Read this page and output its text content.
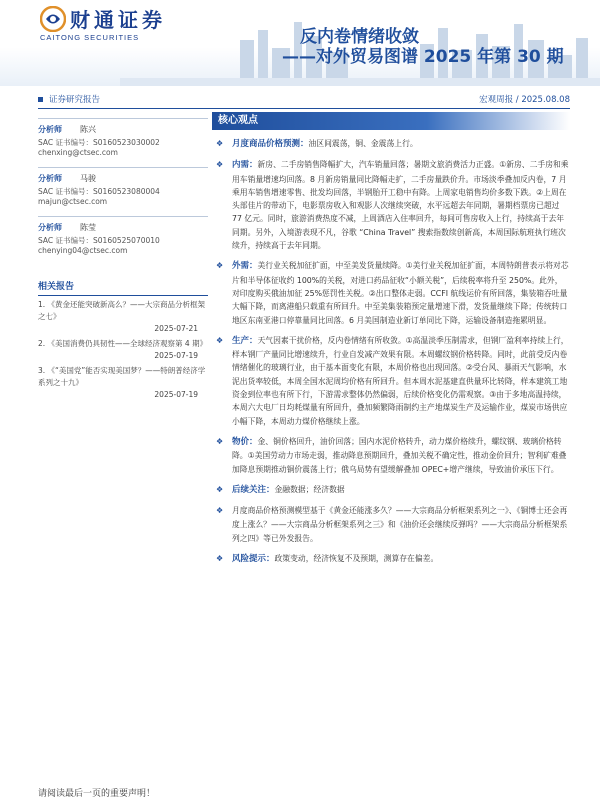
财通证券
CAITONG SECURITIES	反内卷情绪收敛
——对外贸易图谱 2025 年第 30 期
证券研究报告	宏观周报 / 2025.08.08
分析师 陈兴
SAC 证书编号：S0160523030002
chenxing@ctsec.com
分析师 马骏
SAC 证书编号：S0160523080004
majun@ctsec.com
分析师 陈莹
SAC 证书编号：S0160525070010
chenying04@ctsec.com
相关报告
1. 《黄金还能突破新高么？——大宗商品分析框架之七》
2025-07-21
2. 《美国消费仍具韧性——全球经济观察第 4 期》
2025-07-19
3. 《“美国党”能否实现美国梦？——特朗普经济学系列之十九》
2025-07-19
核心观点
❖ 月度商品价格预测：油区间震荡，铜、金震荡上行。
❖ 内需：新房、二手房销售降幅扩大，汽车销量回落；暑期文旅消费活力正盛。①新房、二手房和乘用车销量增速均回落。8 月新房销量同比降幅走扩，二手房量跌价升。市场淡季叠加反内卷，7 月乘用车销售增速零售、批发均回落，半钢胎开工稳中有降。上周家电销售均价多数下跌。②上周在头部佳片的带动下，电影票房收入和观影人次继续突破，水平远超去年同期，暑期档票房已超过 77 亿元。同时，旅游消费热度不减，上周酒店入住率回升，每间可售房收入上行，持续高于去年同期。另外，入境游表现不凡，谷歌 “China Travel” 搜索指数续创新高，本周国际航班执行班次续升，持续高于去年同期。
❖ 外需：美行业关税加征扩面，中至美发货量续降。①美行业关税加征扩面，本周特朗普表示将对芯片和半导体征收约 100%的关税，对进口药品征收“小额关税”，后续税率将升至 250%。此外，对印度购买俄油加征 25%惩罚性关税。②出口整体走弱。CCFI 航线运价有所回落，集装箱吞吐量大幅下降，而离港船只载重有所回升。中至美集装箱预定量增速下滑，发货量继续下降；传统转口地区东南亚港口停靠量同比回落。6 月美国制造业新订单同比下降，运输设备制造拖累明显。
❖ 生产：天气因素干扰价格，反内卷情绪有所收敛。①高温淡季压制需求，但钢厂盈利率持续上行，样本钢厂产量同比增速续升，行业自发减产效果有限。本周螺纹钢价格转降。同时，此前受反内卷情绪催化的玻璃行业，由于基本面变化有限，本周价格也出现回落。②受台风、暴雨天气影响，水泥出货率较低，本周全国水泥周均价格有所回升。但本周水泥基建直供量环比转降，样本建筑工地资金到位率也有所下行，下游需求整体仍然偏弱，后续价格变化仍需观察。③由于多地高温持续，本周六大电厂日均耗煤量有所回升，叠加频繁降雨制约主产地煤炭生产及运输作业，煤炭市场供应小幅下降，本周动力煤价格继续上涨。
❖ 物价：金、铜价格回升，油价回落；国内水泥价格转升，动力煤价格续升，螺纹钢、玻璃价格转降。①美国劳动力市场走弱，推动降息预期回升，叠加关税不确定性，推动金价回升；智利矿难叠加降息预期推动铜价震荡上行；俄乌局势有望缓解叠加 OPEC+增产继续，导致油价承压下行。
❖ 后续关注：金融数据；经济数据
❖ 月度商品价格预测模型基于《黄金还能涨多久？——大宗商品分析框架系列之一》、《铜博士还会再度上涨么？——大宗商品分析框架系列之三》和《油价还会继续反弹吗？——大宗商品分析框架系列之四》等已外发报告。
❖ 风险提示：政策变动，经济恢复不及预期，测算存在偏差。
请阅读最后一页的重要声明！
